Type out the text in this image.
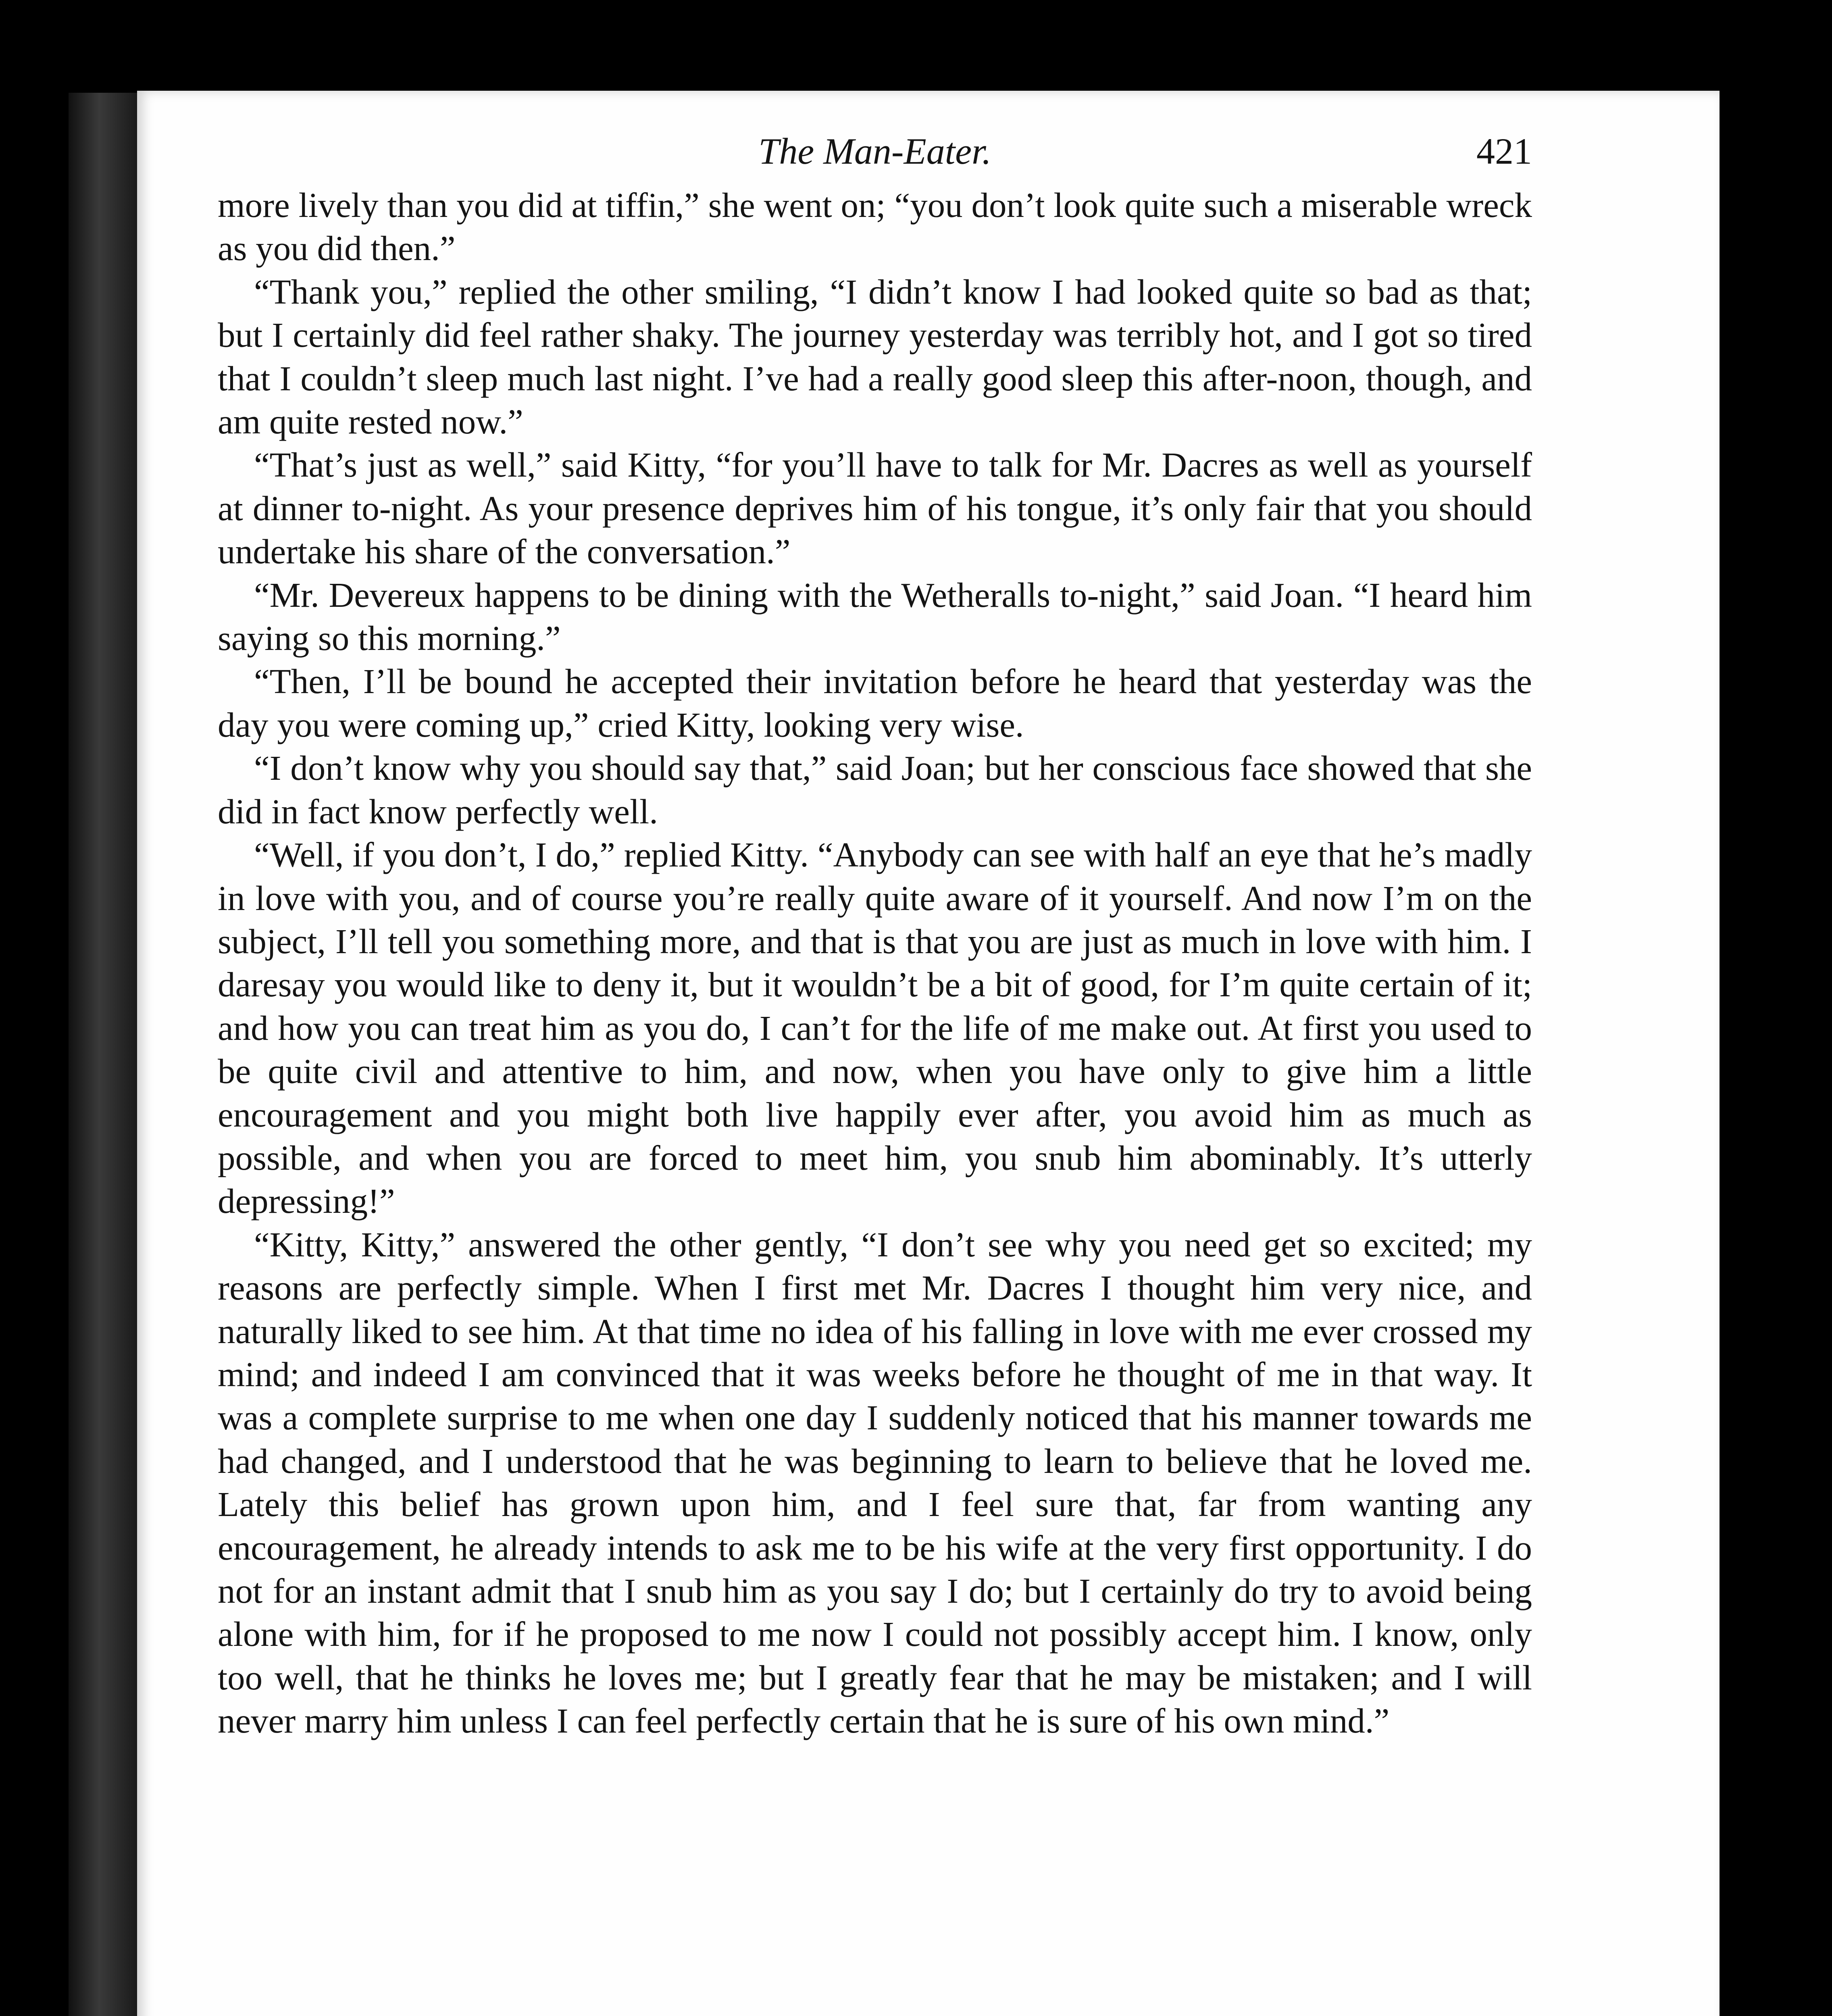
The Man-Eater.	421

more lively than you did at tiffin,” she went on; “you don’t look quite such a miserable wreck as you did then.”

“Thank you,” replied the other smiling, “I didn’t know I had looked quite so bad as that; but I certainly did feel rather shaky. The journey yesterday was terribly hot, and I got so tired that I couldn’t sleep much last night. I’ve had a really good sleep this after-noon, though, and am quite rested now.”

“That’s just as well,” said Kitty, “for you’ll have to talk for Mr. Dacres as well as yourself at dinner to-night. As your presence deprives him of his tongue, it’s only fair that you should undertake his share of the conversation.”

“Mr. Devereux happens to be dining with the Wetheralls to-night,” said Joan. “I heard him saying so this morning.”

“Then, I’ll be bound he accepted their invitation before he heard that yesterday was the day you were coming up,” cried Kitty, looking very wise.

“I don’t know why you should say that,” said Joan; but her conscious face showed that she did in fact know perfectly well.

“Well, if you don’t, I do,” replied Kitty. “Anybody can see with half an eye that he’s madly in love with you, and of course you’re really quite aware of it yourself. And now I’m on the subject, I’ll tell you something more, and that is that you are just as much in love with him. I daresay you would like to deny it, but it wouldn’t be a bit of good, for I’m quite certain of it; and how you can treat him as you do, I can’t for the life of me make out. At first you used to be quite civil and attentive to him, and now, when you have only to give him a little encouragement and you might both live happily ever after, you avoid him as much as possible, and when you are forced to meet him, you snub him abominably. It’s utterly depressing!”

“Kitty, Kitty,” answered the other gently, “I don’t see why you need get so excited; my reasons are perfectly simple. When I first met Mr. Dacres I thought him very nice, and naturally liked to see him. At that time no idea of his falling in love with me ever crossed my mind; and indeed I am convinced that it was weeks before he thought of me in that way. It was a complete surprise to me when one day I suddenly noticed that his manner towards me had changed, and I understood that he was beginning to learn to believe that he loved me. Lately this belief has grown upon him, and I feel sure that, far from wanting any encouragement, he already intends to ask me to be his wife at the very first opportunity. I do not for an instant admit that I snub him as you say I do; but I certainly do try to avoid being alone with him, for if he proposed to me now I could not possibly accept him. I know, only too well, that he thinks he loves me; but I greatly fear that he may be mistaken; and I will never marry him unless I can feel perfectly certain that he is sure of his own mind.”
